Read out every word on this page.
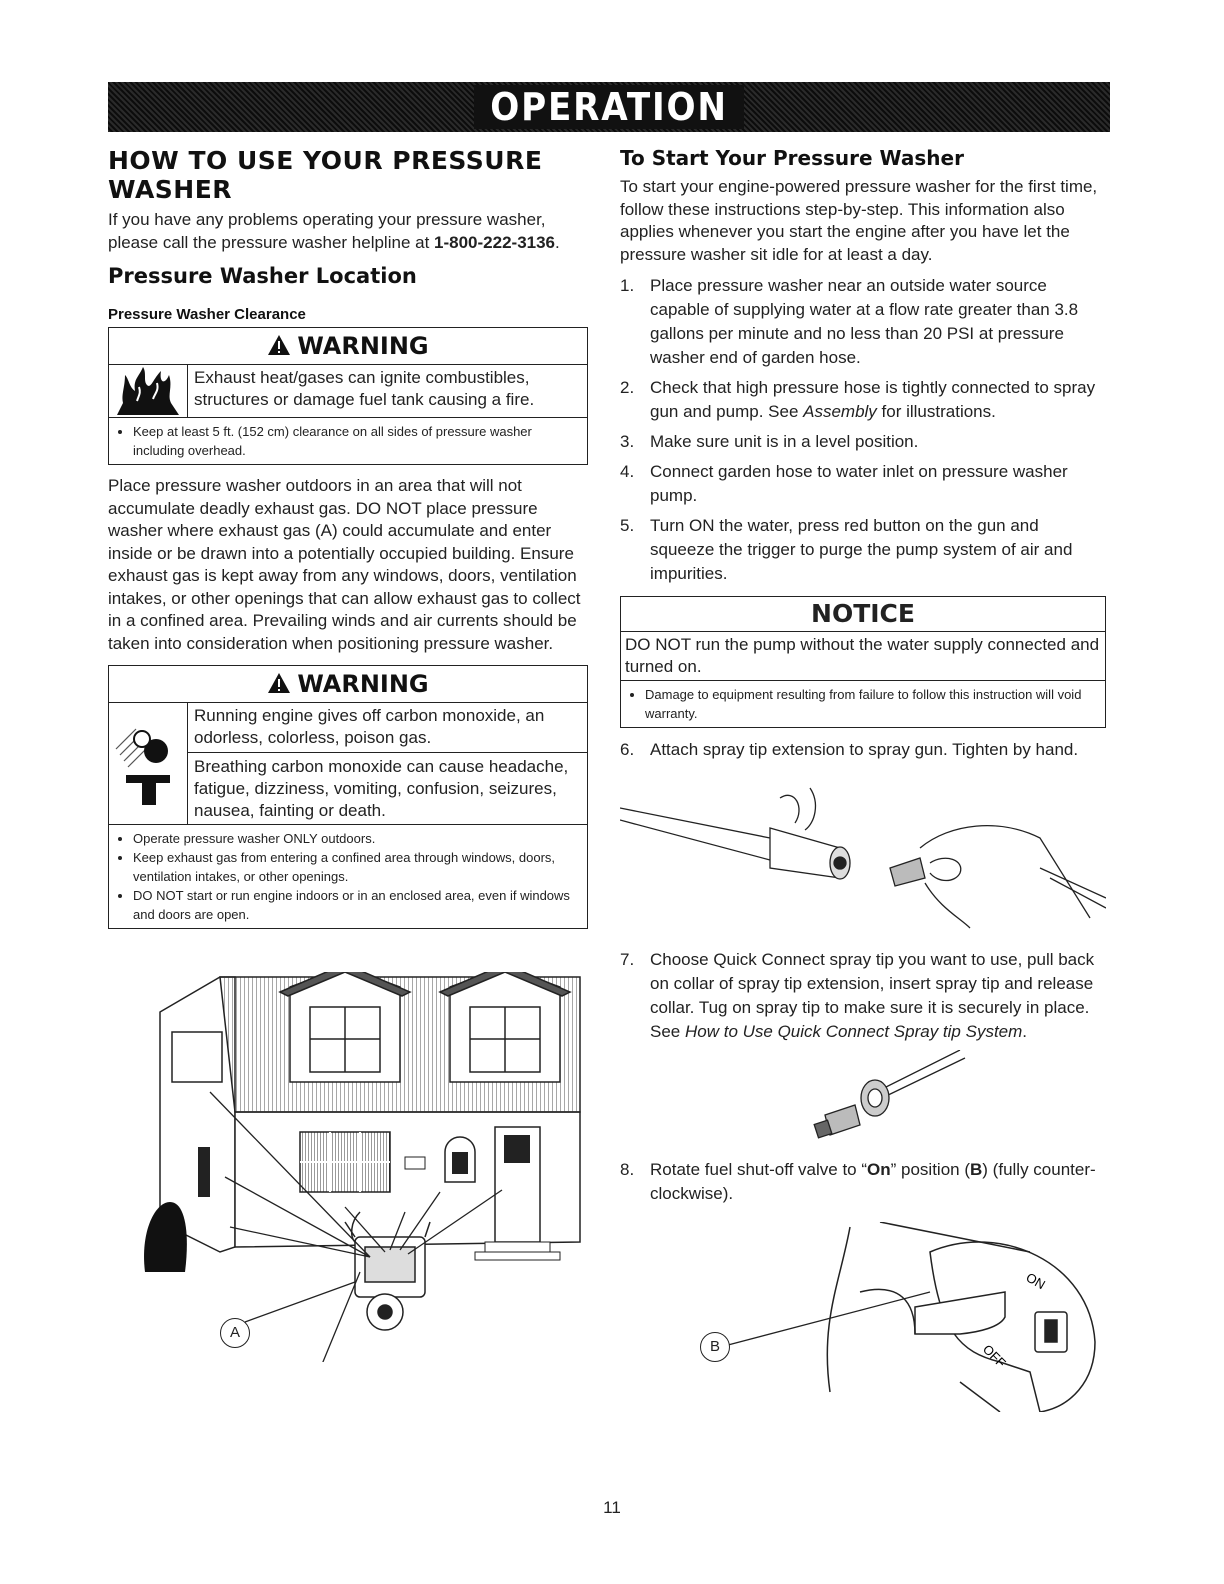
OPERATION
HOW TO USE YOUR PRESSURE WASHER

If you have any problems operating your pressure washer, please call the pressure washer helpline at 1-800-222-3136.

Pressure Washer Location
Pressure Washer Clearance
WARNING
Exhaust heat/gases can ignite combustibles, structures or damage fuel tank causing a fire.
• Keep at least 5 ft. (152 cm) clearance on all sides of pressure washer including overhead.

Place pressure washer outdoors in an area that will not accumulate deadly exhaust gas. DO NOT place pressure washer where exhaust gas (A) could accumulate and enter inside or be drawn into a potentially occupied building. Ensure exhaust gas is kept away from any windows, doors, ventilation intakes, or other openings that can allow exhaust gas to collect in a confined area. Prevailing winds and air currents should be taken into consideration when positioning pressure washer.

WARNING
Running engine gives off carbon monoxide, an odorless, colorless, poison gas.
Breathing carbon monoxide can cause headache, fatigue, dizziness, vomiting, confusion, seizures, nausea, fainting or death.
• Operate pressure washer ONLY outdoors.
• Keep exhaust gas from entering a confined area through windows, doors, ventilation intakes, or other openings.
• DO NOT start or run engine indoors or in an enclosed area, even if windows and doors are open.
A
To Start Your Pressure Washer

To start your engine-powered pressure washer for the first time, follow these instructions step-by-step. This information also applies whenever you start the engine after you have let the pressure washer sit idle for at least a day.

1. Place pressure washer near an outside water source capable of supplying water at a flow rate greater than 3.8 gallons per minute and no less than 20 PSI at pressure washer end of garden hose.
2. Check that high pressure hose is tightly connected to spray gun and pump. See Assembly for illustrations.
3. Make sure unit is in a level position.
4. Connect garden hose to water inlet on pressure washer pump.
5. Turn ON the water, press red button on the gun and squeeze the trigger to purge the pump system of air and impurities.
NOTICE
DO NOT run the pump without the water supply connected and turned on.
• Damage to equipment resulting from failure to follow this instruction will void warranty.
6. Attach spray tip extension to spray gun. Tighten by hand.
7. Choose Quick Connect spray tip you want to use, pull back on collar of spray tip extension, insert spray tip and release collar. Tug on spray tip to make sure it is securely in place. See How to Use Quick Connect Spray tip System.
8. Rotate fuel shut-off valve to “On” position (B) (fully counter-clockwise).
ON
OFF
B
11
